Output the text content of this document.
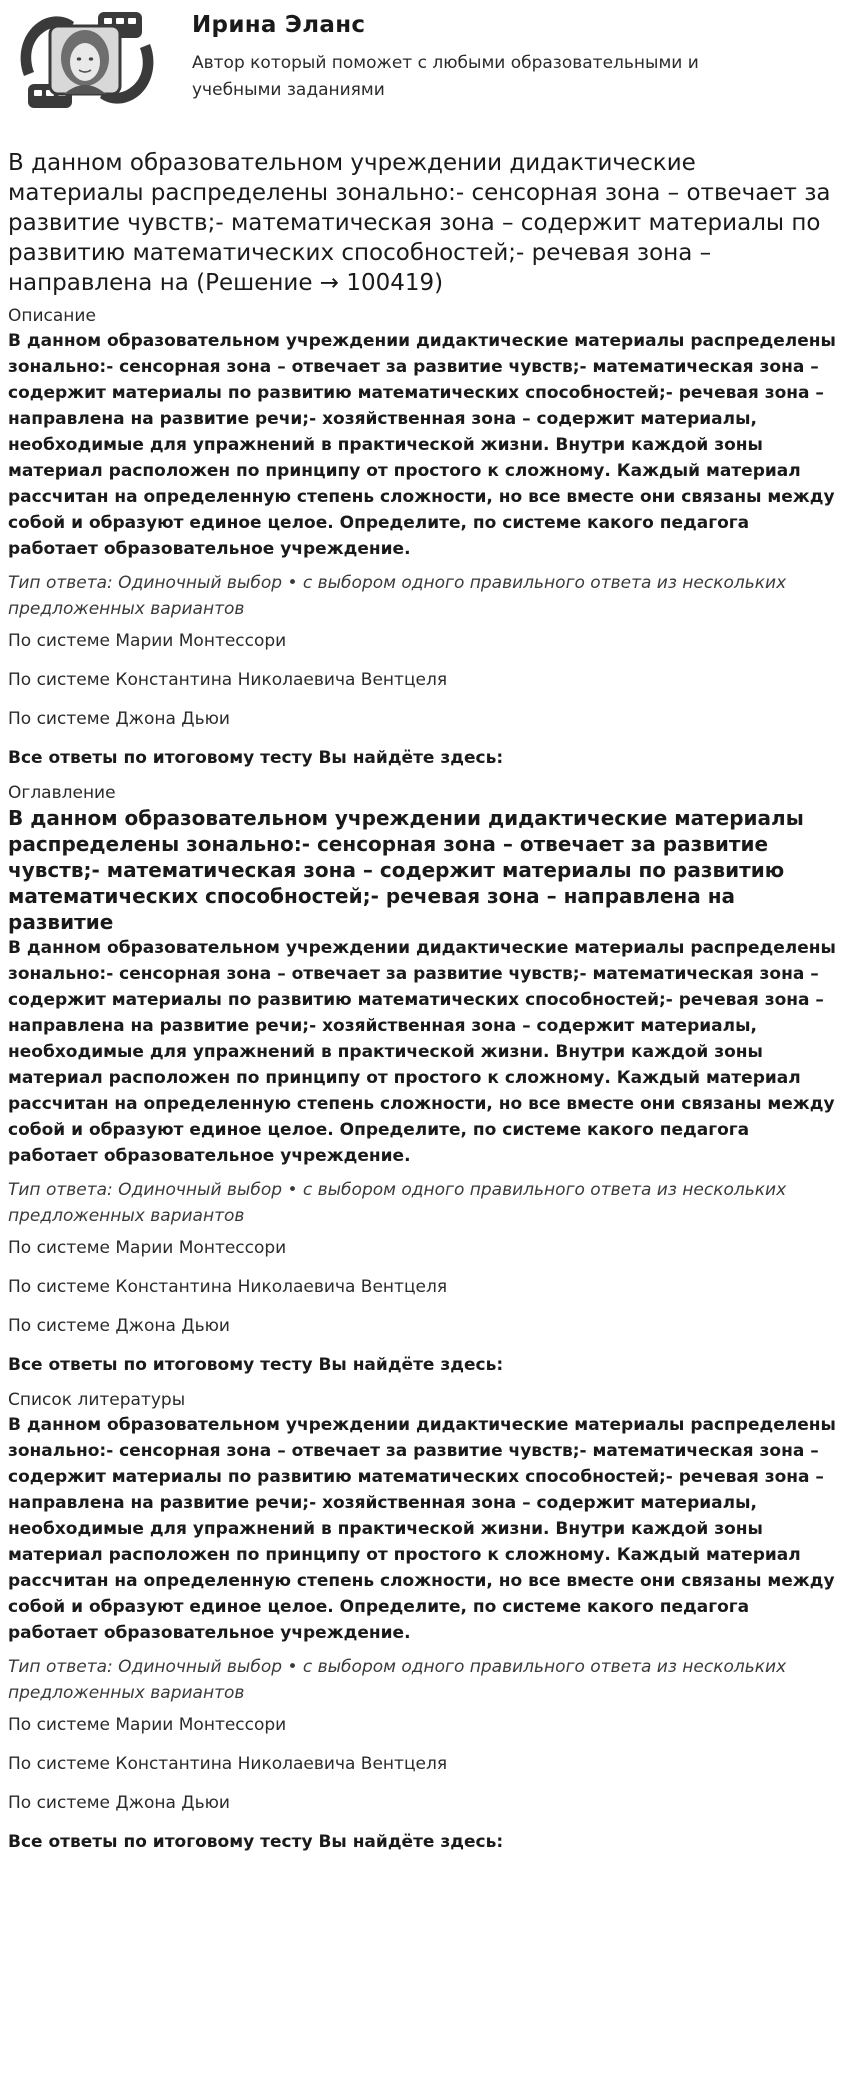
Ирина Эланс
Автор который поможет с любыми образовательными и учебными заданиями
В данном образовательном учреждении дидактические материалы распределены зонально:- сенсорная зона – отвечает за развитие чувств;- математическая зона – содержит материалы по развитию математических способностей;- речевая зона – направлена на (Решение → 100419)
Описание

В данном образовательном учреждении дидактические материалы распределены зонально:- сенсорная зона – отвечает за развитие чувств;- математическая зона – содержит материалы по развитию математических способностей;- речевая зона – направлена на развитие речи;- хозяйственная зона – содержит материалы, необходимые для упражнений в практической жизни. Внутри каждой зоны материал расположен по принципу от простого к сложному. Каждый материал рассчитан на определенную степень сложности, но все вместе они связаны между собой и образуют единое целое. Определите, по системе какого педагога работает образовательное учреждение.

Тип ответа: Одиночный выбор • с выбором одного правильного ответа из нескольких предложенных вариантов
По системе Марии Монтессори
По системе Константина Николаевича Вентцеля
По системе Джона Дьюи
Все ответы по итоговому тесту Вы найдёте здесь:
Оглавление
В данном образовательном учреждении дидактические материалы распределены зонально:- сенсорная зона – отвечает за развитие чувств;- математическая зона – содержит материалы по развитию математических способностей;- речевая зона – направлена на развитие

В данном образовательном учреждении дидактические материалы распределены зонально:- сенсорная зона – отвечает за развитие чувств;- математическая зона – содержит материалы по развитию математических способностей;- речевая зона – направлена на развитие речи;- хозяйственная зона – содержит материалы, необходимые для упражнений в практической жизни. Внутри каждой зоны материал расположен по принципу от простого к сложному. Каждый материал рассчитан на определенную степень сложности, но все вместе они связаны между собой и образуют единое целое. Определите, по системе какого педагога работает образовательное учреждение.

Тип ответа: Одиночный выбор • с выбором одного правильного ответа из нескольких предложенных вариантов
По системе Марии Монтессори
По системе Константина Николаевича Вентцеля
По системе Джона Дьюи
Все ответы по итоговому тесту Вы найдёте здесь:
Список литературы

В данном образовательном учреждении дидактические материалы распределены зонально:- сенсорная зона – отвечает за развитие чувств;- математическая зона – содержит материалы по развитию математических способностей;- речевая зона – направлена на развитие речи;- хозяйственная зона – содержит материалы, необходимые для упражнений в практической жизни. Внутри каждой зоны материал расположен по принципу от простого к сложному. Каждый материал рассчитан на определенную степень сложности, но все вместе они связаны между собой и образуют единое целое. Определите, по системе какого педагога работает образовательное учреждение.

Тип ответа: Одиночный выбор • с выбором одного правильного ответа из нескольких предложенных вариантов
По системе Марии Монтессори
По системе Константина Николаевича Вентцеля
По системе Джона Дьюи
Все ответы по итоговому тесту Вы найдёте здесь:
